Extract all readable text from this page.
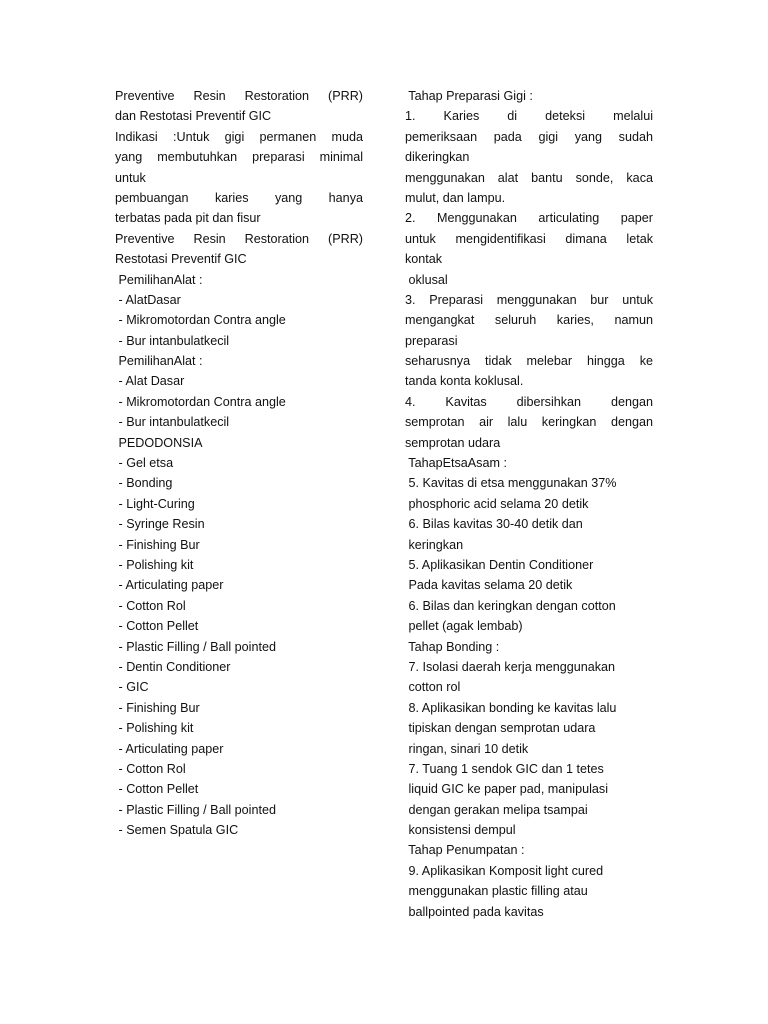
Preventive Resin Restoration (PRR)
dan Restotasi Preventif GIC
Indikasi :Untuk gigi permanen muda
yang membutuhkan preparasi minimal
untuk
pembuangan karies yang hanya
terbatas pada pit dan fisur
Preventive Resin Restoration (PRR)
Restotasi Preventif GIC
PemilihanAlat :
- AlatDasar
- Mikromotordan Contra angle
- Bur intanbulatkecil
PemilihanAlat :
- Alat Dasar
- Mikromotordan Contra angle
- Bur intanbulatkecil
PEDODONSIA
- Gel etsa
- Bonding
- Light-Curing
- Syringe Resin
- Finishing Bur
- Polishing kit
- Articulating paper
- Cotton Rol
- Cotton Pellet
- Plastic Filling / Ball pointed
- Dentin Conditioner
- GIC
- Finishing Bur
- Polishing kit
- Articulating paper
- Cotton Rol
- Cotton Pellet
- Plastic Filling / Ball pointed
- Semen Spatula GIC
Tahap Preparasi Gigi :
1. Karies di deteksi melalui
pemeriksaan pada gigi yang sudah
dikeringkan
menggunakan alat bantu sonde, kaca
mulut, dan lampu.
2. Menggunakan articulating paper
untuk mengidentifikasi dimana letak
kontak
oklusal
3. Preparasi menggunakan bur untuk
mengangkat seluruh karies, namun
preparasi
seharusnya tidak melebar hingga ke
tanda konta koklusal.
4. Kavitas dibersihkan dengan
semprotan air lalu keringkan dengan
semprotan udara
TahapEtsaAsam :
5. Kavitas di etsa menggunakan 37%
phosphoric acid selama 20 detik
6. Bilas kavitas 30-40 detik dan
keringkan
5. Aplikasikan Dentin Conditioner
Pada kavitas selama 20 detik
6. Bilas dan keringkan dengan cotton
pellet (agak lembab)
Tahap Bonding :
7. Isolasi daerah kerja menggunakan
cotton rol
8. Aplikasikan bonding ke kavitas lalu
tipiskan dengan semprotan udara
ringan, sinari 10 detik
7. Tuang 1 sendok GIC dan 1 tetes
liquid GIC ke paper pad, manipulasi
dengan gerakan melipa tsampai
konsistensi dempul
Tahap Penumpatan :
9. Aplikasikan Komposit light cured
menggunakan plastic filling atau
ballpointed pada kavitas
